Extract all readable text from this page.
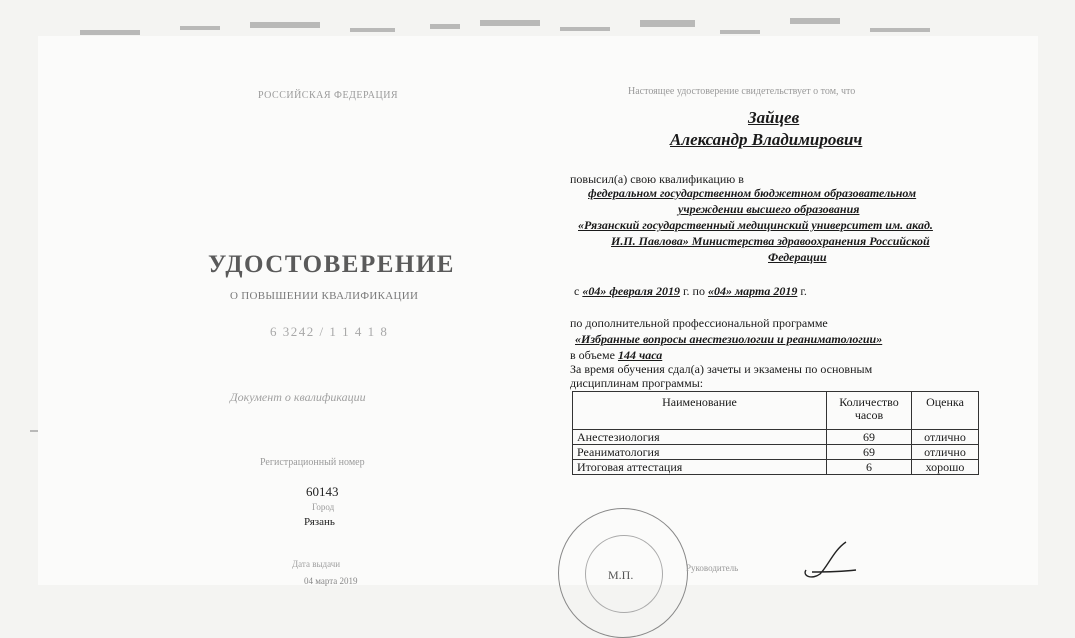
РОССИЙСКАЯ ФЕДЕРАЦИЯ
УДОСТОВЕРЕНИЕ
О ПОВЫШЕНИИ КВАЛИФИКАЦИИ
6 3242 / 1 1 4 1 8
Документ о квалификации
Регистрационный номер
60143
Город
Рязань
Дата выдачи
04 марта 2019
Настоящее удостоверение свидетельствует о том, что
Зайцев
Александр Владимирович
повысил(а) свою квалификацию в
федеральном государственном бюджетном образовательном
учреждении высшего образования
«Рязанский государственный медицинский университет им. акад.
И.П. Павлова» Министерства здравоохранения Российской
Федерации
с «04» февраля 2019 г. по «04» марта 2019 г.
по дополнительной профессиональной программе
«Избранные вопросы анестезиологии и реаниматологии»
в объеме 144 часа
За время обучения сдал(а) зачеты и экзамены по основным
дисциплинам программы:
Наименование	Количество часов	Оценка
Анестезиология	69	отлично
Реаниматология	69	отлично
Итоговая аттестация	6	хорошо
М.П.	Руководитель
